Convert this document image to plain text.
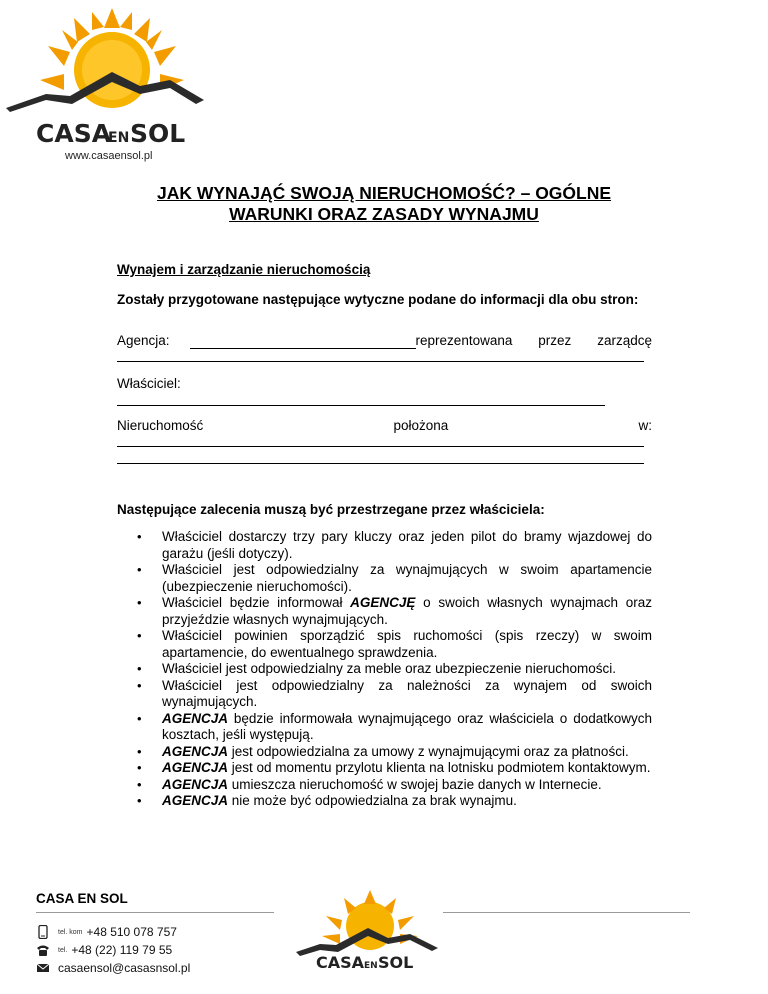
CASA
EN SOL
www.casaensol.pl
JAK WYNAJĄĆ SWOJĄ NIERUCHOMOŚĆ? – OGÓLNE WARUNKI ORAZ ZASADY WYNAJMU
Wynajem i zarządzanie nieruchomością
Zostały przygotowane następujące wytyczne podane do informacji dla obu stron:
Agencja:	reprezentowana przez zarządcę
Właściciel:
Nieruchomość	położona	w:
Następujące zalecenia muszą być przestrzegane przez właściciela:
• Właściciel dostarczy trzy pary kluczy oraz jeden pilot do bramy wjazdowej do garażu (jeśli dotyczy).
• Właściciel jest odpowiedzialny za wynajmujących w swoim apartamencie (ubezpieczenie nieruchomości).
• Właściciel będzie informował AGENCJĘ o swoich własnych wynajmach oraz przyjeździe własnych wynajmujących.
• Właściciel powinien sporządzić spis ruchomości (spis rzeczy) w swoim apartamencie, do ewentualnego sprawdzenia.
• Właściciel jest odpowiedzialny za meble oraz ubezpieczenie nieruchomości.
• Właściciel jest odpowiedzialny za należności za wynajem od swoich wynajmujących.
• AGENCJA będzie informowała wynajmującego oraz właściciela o dodatkowych kosztach, jeśli występują.
• AGENCJA jest odpowiedzialna za umowy z wynajmującymi oraz za płatności.
• AGENCJA jest od momentu przylotu klienta na lotnisku podmiotem kontaktowym.
• AGENCJA umieszcza nieruchomość w swojej bazie danych w Internecie.
• AGENCJA nie może być odpowiedzialna za brak wynajmu.
CASA EN SOL
tel. kom +48 510 078 757
tel. +48 (22) 119 79 55
casaensol@casasnsol.pl	CASA EN SOL
